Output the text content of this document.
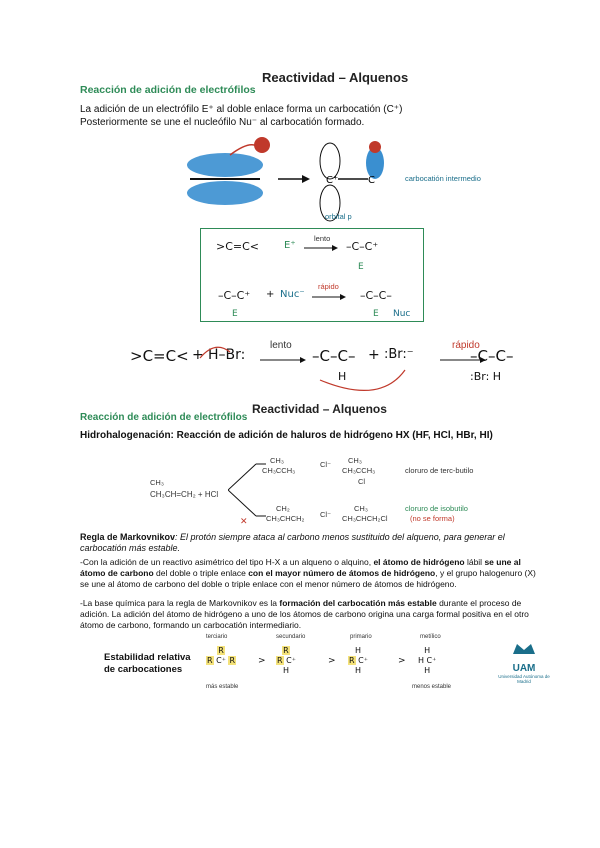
Reactividad – Alquenos
Reacción de adición de electrófilos
La adición de un electrófilo E⁺ al doble enlace forma un carbocatión (C⁺)
Posteriormente se une el nucleófilo Nu⁻ al carbocatión formado.
C⁺	C	carbocatión intermedio
orbital p
>C=C< E⁺
lento
–C–C⁺
E
–C–C⁺ + Nuc⁻
rápido
–C–C–
E	E Nuc
>C=C< + H–Br:
lento
–C–C–
H
+ :Br:⁻
rápido
–C–C–
:Br: H
Reactividad – Alquenos
Reacción de adición de electrófilos
Hidrohalogenación: Reacción de adición de haluros de hidrógeno HX (HF, HCl, HBr, HI)
CH₃
CH₃CH=CH₂ + HCl
CH₃
CH₃CCH₃
Cl⁻ CH₃
CH₃CCH₃
Cl
cloruro de terc-butilo
✕
CH₂
CH₃CHCH₂ Cl⁻
CH₃
CH₃CHCH₂Cl
cloruro de isobutilo
(no se forma)
Regla de Markovnikov: El protón siempre ataca al carbono menos sustituido del alqueno, para generar el carbocatión más estable.
-Con la adición de un reactivo asimétrico del tipo H-X a un alqueno o alquino, el átomo de hidrógeno lábil se une al átomo de carbono del doble o triple enlace con el mayor número de átomos de hidrógeno, y el grupo halogenuro (X) se une al átomo de carbono del doble o triple enlace con el menor número de átomos de hidrógeno.
-La base química para la regla de Markovnikov es la formación del carbocatión más estable durante el proceso de adición. La adición del átomo de hidrógeno a uno de los átomos de carbono origina una carga formal positiva en el otro átomo de carbono, formando un carbocatión intermediario.
Estabilidad relativa de carbocationes
terciario	secundario	primario	metílico
R
R C⁺ R	>
R
R C⁺
H
>
H
R C⁺
H
>
H
H C⁺
H
más estable	menos estable
UAM
Universidad Autónoma de Madrid
